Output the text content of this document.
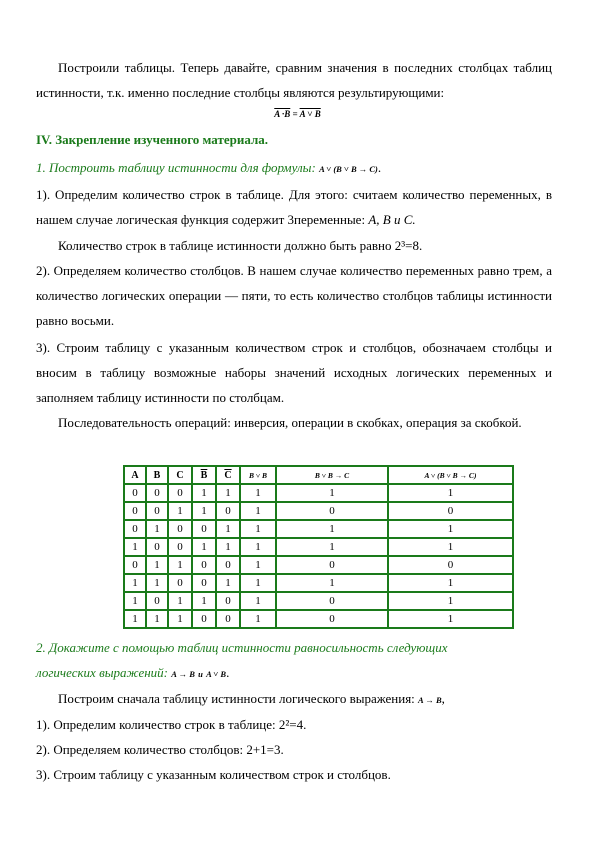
Построили таблицы. Теперь давайте, сравним значения в последних столбцах таблиц истинности, т.к. именно последние столбцы являются результирующими:
A ·B = A ˅ B
IV. Закрепление изученного материала.
1. Построить таблицу истинности для формулы: A ˅ (B ˅ B → C).
1). Определим количество строк в таблице. Для этого: считаем количество переменных, в нашем случае логическая функция содержит 3переменные: A, B и C.
Количество строк в таблице истинности должно быть равно 2³=8.
2). Определяем количество столбцов. В нашем случае количество переменных равно трем, а количество логических операции — пяти, то есть количество столбцов таблицы истинности равно восьми.
3). Строим таблицу с указанным количеством строк и столбцов, обозначаем столбцы и вносим в таблицу возможные наборы значений исходных логических переменных и заполняем таблицу истинности по столбцам.
Последовательность операций: инверсия, операции в скобках, операция за скобкой.
A	B	C	$\overline{B}$	$\overline{C}$	B ˅ B	B ˅ B → C	A ˅ (B ˅ B → C)
0	0	0	1	1	1	1	1
0	0	1	1	0	1	0	0
0	1	0	0	1	1	1	1
1	0	0	1	1	1	1	1
0	1	1	0	0	1	0	0
1	1	0	0	1	1	1	1
1	0	1	1	0	1	0	1
1	1	1	0	0	1	0	1
2. Докажите с помощью таблиц истинности равносильность следующих
логических выражений: A → B и A ˅ B.
Построим сначала таблицу истинности логического выражения: A → B,
1). Определим количество строк в таблице: 2²=4.
2). Определяем количество столбцов: 2+1=3.
3). Строим таблицу с указанным количеством строк и столбцов.
